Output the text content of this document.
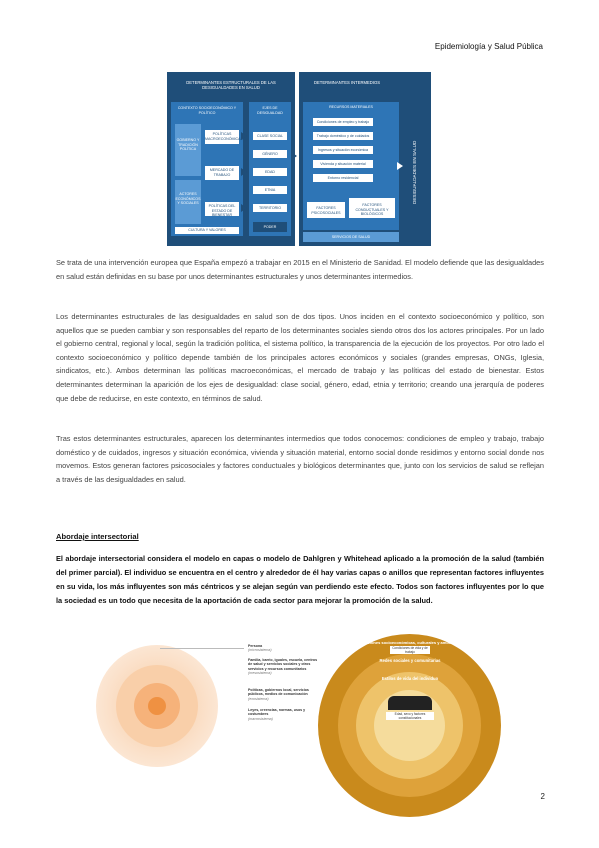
Epidemiología y Salud Pública
DETERMINANTES ESTRUCTURALES DE LAS DESIGUALDADES EN SALUD
DETERMINANTES INTERMEDIOS
CONTEXTO SOCIOECONÓMICO Y POLÍTICO
GOBIERNO Y TRADICIÓN POLÍTICA
ACTORES ECONÓMICOS Y SOCIALES
POLÍTICAS MACROECONÓMICAS
MERCADO DE TRABAJO
POLÍTICAS DEL ESTADO DE BIENESTAR
CULTURA Y VALORES
EJES DE DESIGUALDAD
CLASE SOCIAL
GÉNERO
EDAD
ETNIA
TERRITORIO
PODER
RECURSOS MATERIALES
Condiciones de empleo y trabajo
Trabajo doméstico y de cuidados
Ingresos y situación económica
Vivienda y situación material
Entorno residencial
FACTORES PSICOSOCIALES
FACTORES CONDUCTUALES Y BIOLÓGICOS
SERVICIOS DE SALUD
DESIGUALDADES EN SALUD
Se trata de una intervención europea que España empezó a trabajar en 2015 en el Ministerio de Sanidad. El modelo defiende que las desigualdades en salud están definidas en su base por unos determinantes estructurales y unos determinantes intermedios.
Los determinantes estructurales de las desigualdades en salud son de dos tipos. Unos inciden en el contexto socioeconómico y político, son aquellos que se pueden cambiar y son responsables del reparto de los determinantes sociales siendo otros dos los actores principales. Por un lado el gobierno central, regional y local, según la tradición política, el sistema político, la transparencia de la ejecución de los proyectos. Por otro lado el contexto socioeconómico y político depende también de los principales actores económicos y sociales (grandes empresas, ONGs, Iglesia, sindicatos, etc.). Ambos determinan las políticas macroeconómicas, el mercado de trabajo y las políticas del estado de bienestar. Estos determinantes determinan la aparición de los ejes de desigualdad: clase social, género, edad, etnia y territorio; creando una jerarquía de poderes que debe de reducirse, en este contexto, en términos de salud.
Tras estos determinantes estructurales, aparecen los determinantes intermedios que todos conocemos: condiciones de empleo y trabajo, trabajo doméstico y de cuidados, ingresos y situación económica, vivienda y situación material, entorno social donde residimos y entorno social donde nos movemos. Estos generan factores psicosociales y factores conductuales y biológicos determinantes que, junto con los servicios de salud se reflejan a través de las desigualdades en salud.
Abordaje intersectorial
El abordaje intersectorial considera el modelo en capas o modelo de Dahlgren y Whitehead aplicado a la promoción de la salud (también del primer parcial). El individuo se encuentra en el centro y alrededor de él hay varias capas o anillos que representan factores influyentes en su vida, los más influyentes son más céntricos y se alejan según van perdiendo este efecto. Todos son factores influyentes por lo que la sociedad es un todo que necesita de la aportación de cada sector para mejorar la promoción de la salud.
Persona
(microsistema)
Familia, barrio, iguales, escuela, centros de salud y servicios sociales y otros servicios y recursos comunitarios
(mesosistema)
Políticas, gobiernos local, servicios públicos, medios de comunicación
(exosistema)
Leyes, creencias, normas, usos y costumbres
(macrosistema)
Condiciones socioeconómicas, culturales y ambientales
Redes sociales y comunitarias
Estilos de vida del individuo
Condiciones de vida y de trabajo
Edad, sexo y factores constitucionales
2
